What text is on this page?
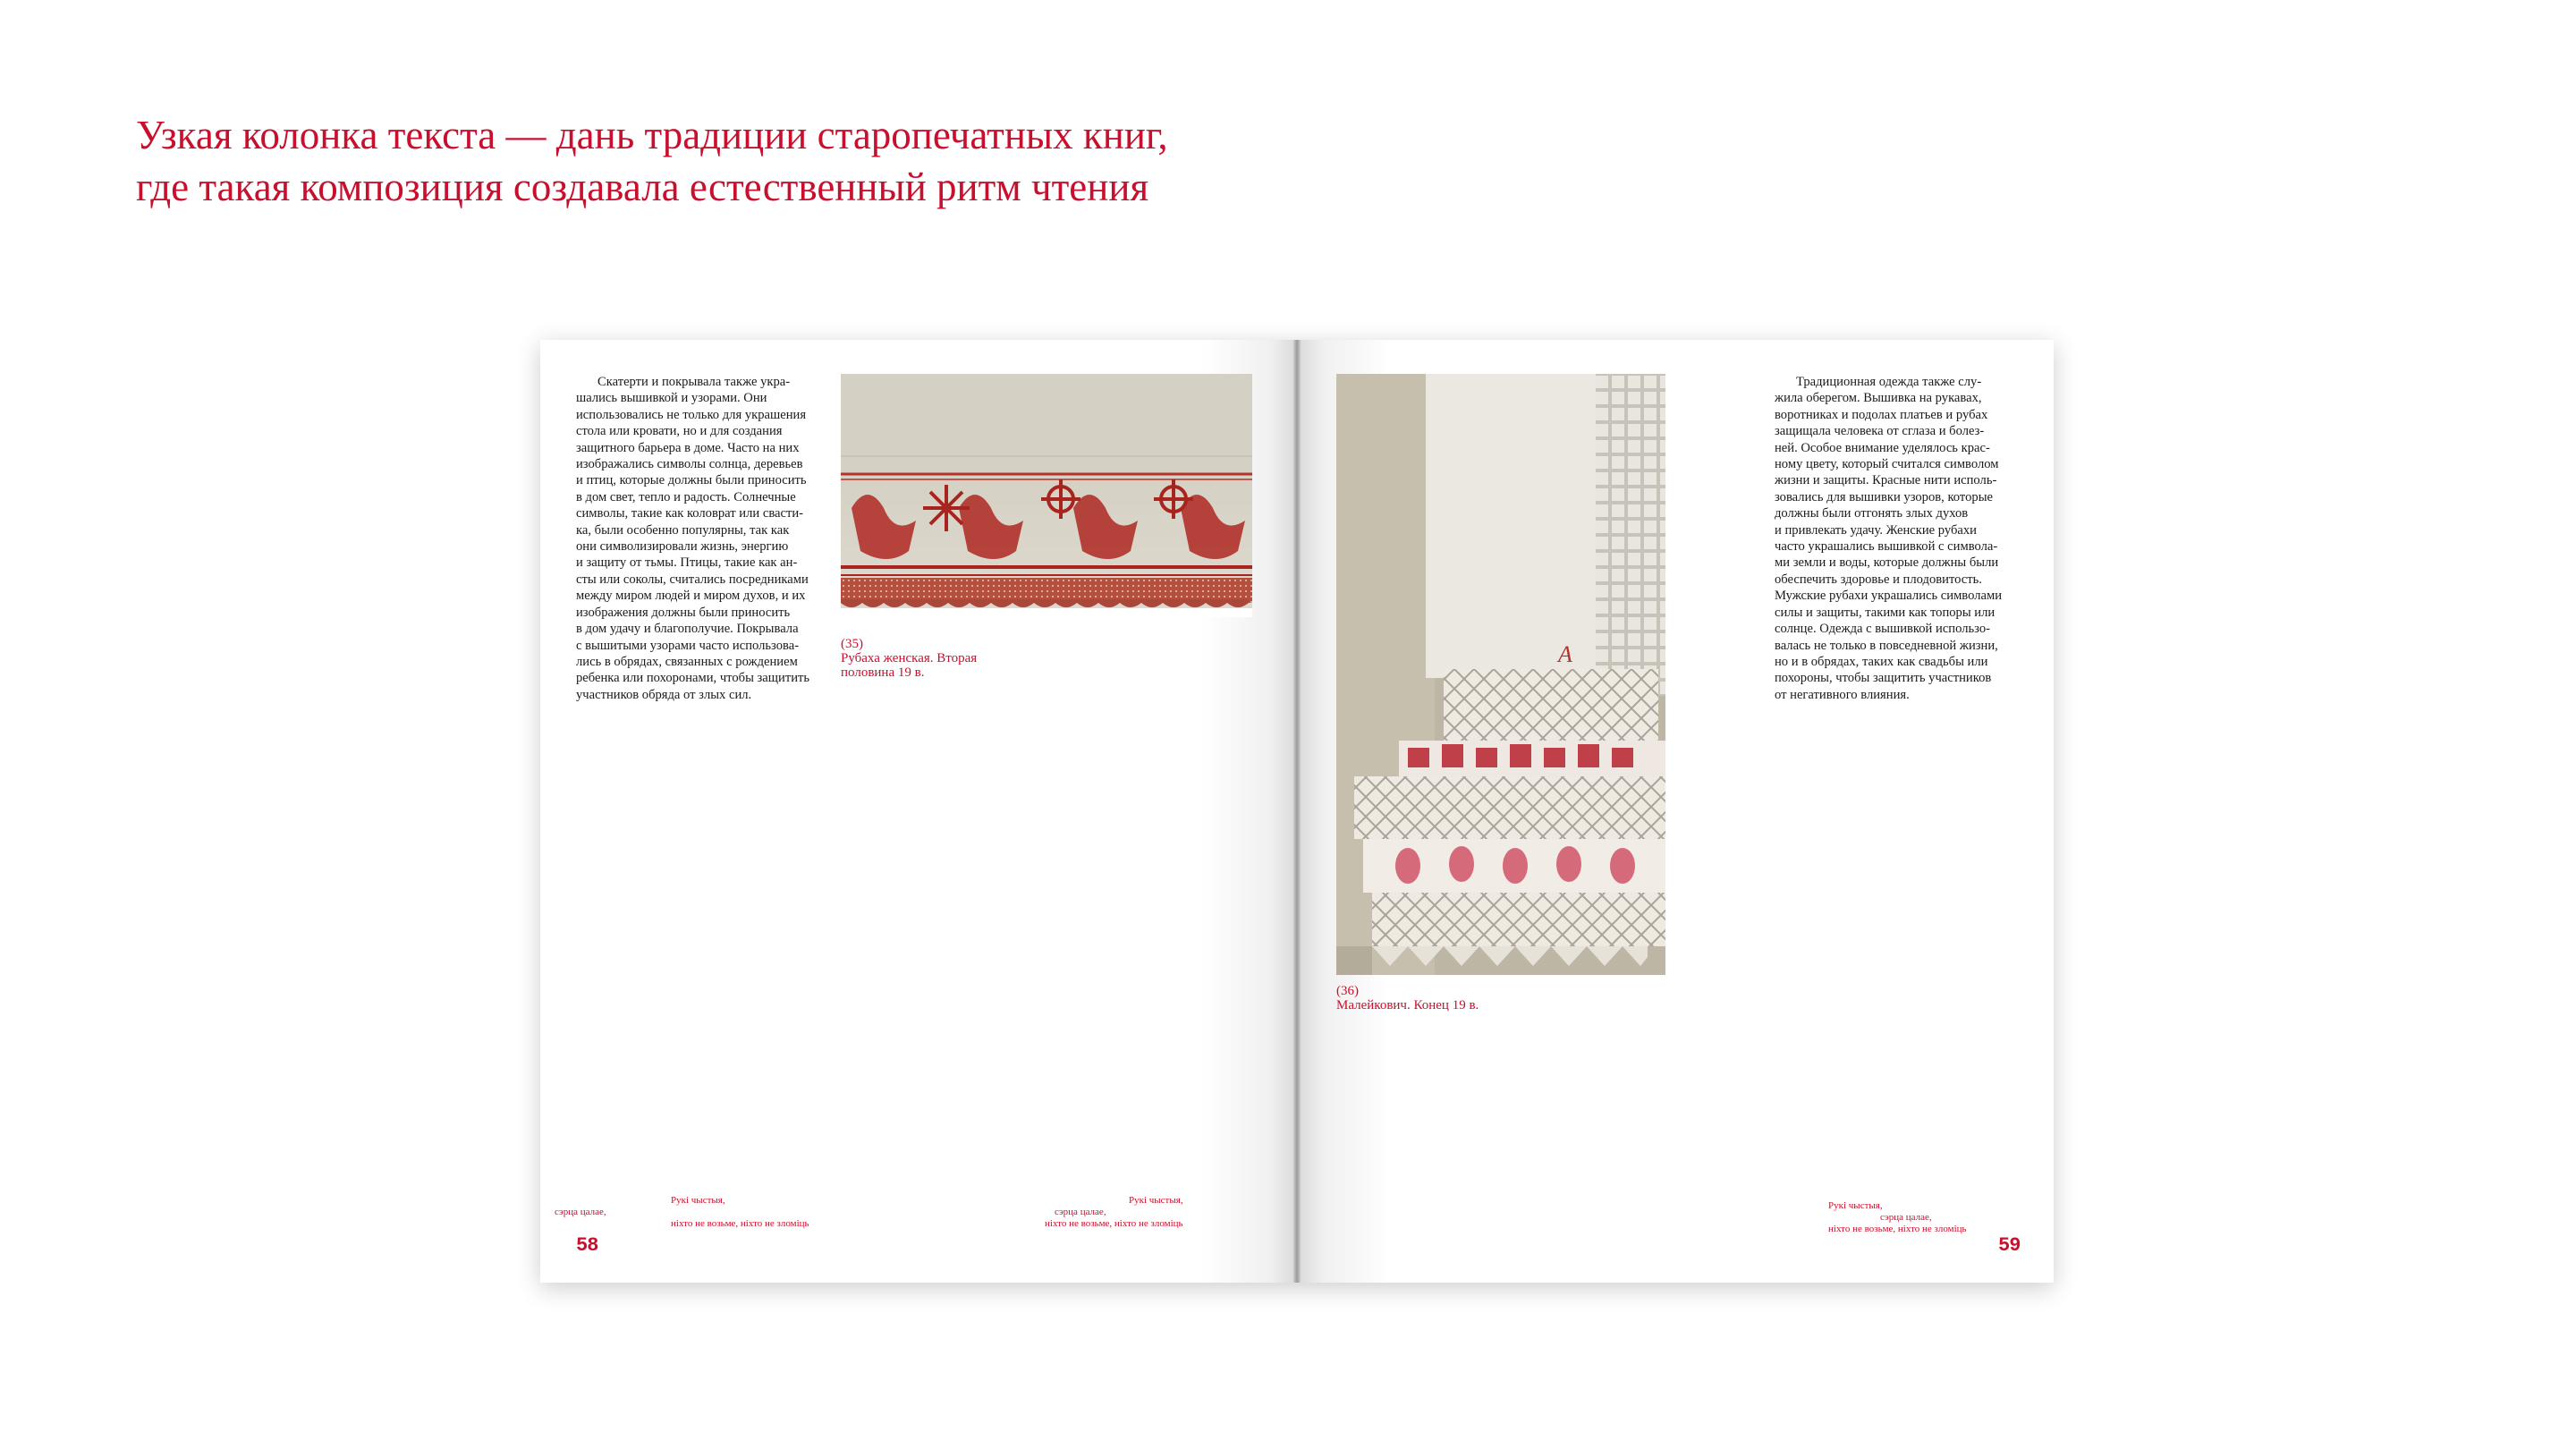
Узкая колонка текста — дань традиции старопечатных книг,
где такая композиция создавала естественный ритм чтения
Скатерти и покрывала также укра-
шались вышивкой и узорами. Они
использовались не только для украшения
стола или кровати, но и для создания
защитного барьера в доме. Часто на них
изображались символы солнца, деревьев
и птиц, которые должны были приносить
в дом свет, тепло и радость. Солнечные
символы, такие как коловрат или свасти-
ка, были особенно популярны, так как
они символизировали жизнь, энергию
и защиту от тьмы. Птицы, такие как ан-
сты или соколы, считались посредниками
между миром людей и миром духов, и их
изображения должны были приносить
в дом удачу и благополучие. Покрывала
с вышитыми узорами часто использова-
лись в обрядах, связанных с рождением
ребенка или похоронами, чтобы защитить
участников обряда от злых сил.
(35)
Рубаха женская. Вторая
половина 19 в.
Рукі чыстыя,
сэрца цалае,
ніхто не возьме, ніхто не зломіць
Рукі чыстыя,
сэрца цалае,
ніхто не возьме, ніхто не зломіць
58
A
(36)
Малейкович. Конец 19 в.
Традиционная одежда также слу-
жила оберегом. Вышивка на рукавах,
воротниках и подолах платьев и рубах
защищала человека от сглаза и болез-
ней. Особое внимание уделялось крас-
ному цвету, который считался символом
жизни и защиты. Красные нити исполь-
зовались для вышивки узоров, которые
должны были отгонять злых духов
и привлекать удачу. Женские рубахи
часто украшались вышивкой с символа-
ми земли и воды, которые должны были
обеспечить здоровье и плодовитость.
Мужские рубахи украшались символами
силы и защиты, такими как топоры или
солнце. Одежда с вышивкой использо-
валась не только в повседневной жизни,
но и в обрядах, таких как свадьбы или
похороны, чтобы защитить участников
от негативного влияния.
Рукі чыстыя,
сэрца цалае,
ніхто не возьме, ніхто не зломіць
59
